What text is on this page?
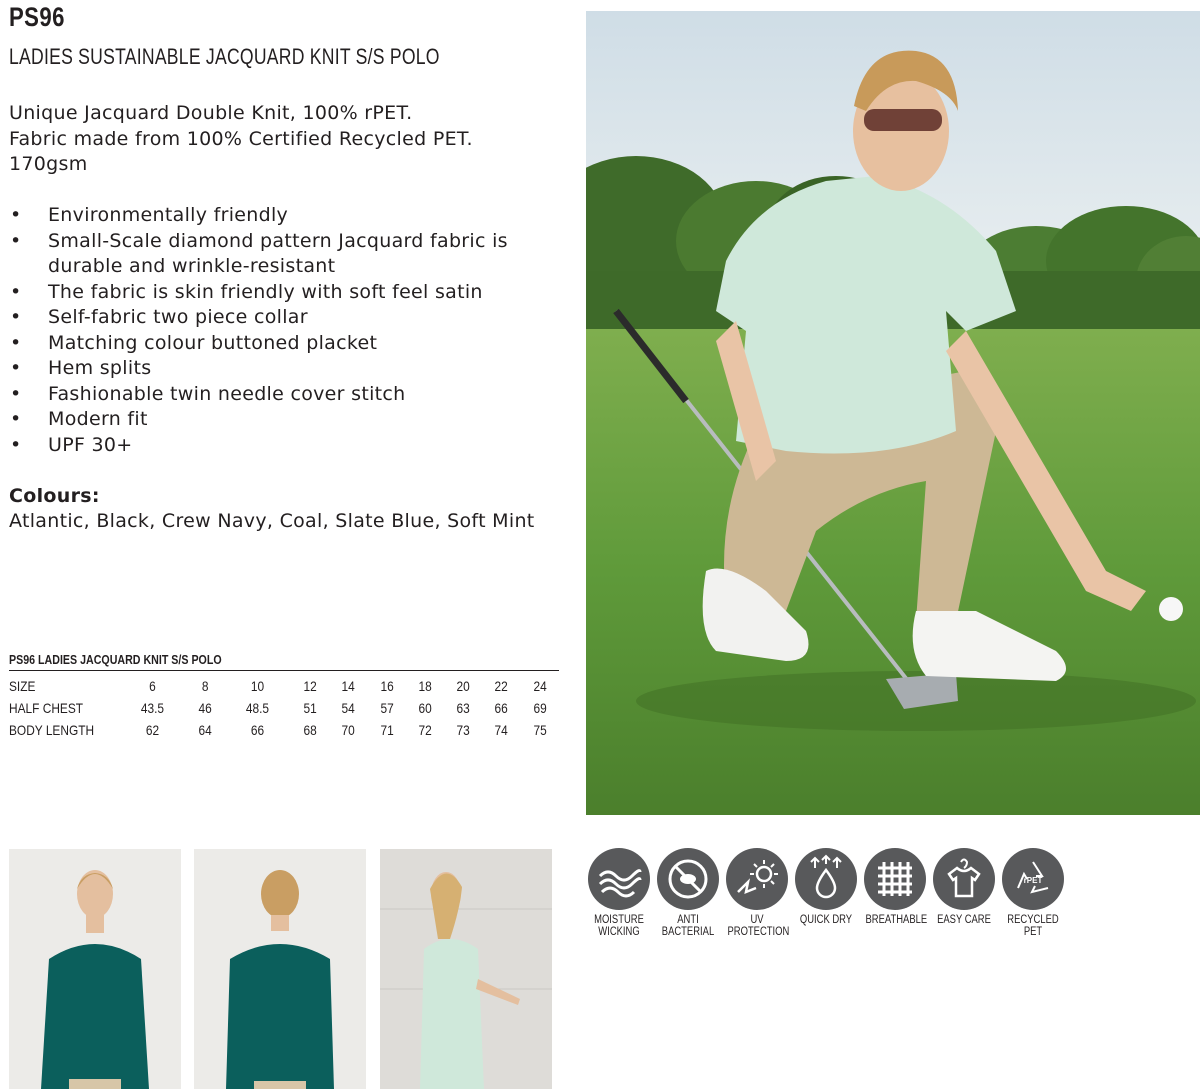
PS96
LADIES SUSTAINABLE JACQUARD KNIT S/S POLO
Unique Jacquard Double Knit, 100% rPET.
Fabric made from 100% Certified Recycled PET.
170gsm
• Environmentally friendly
• Small-Scale diamond pattern Jacquard fabric is durable and wrinkle-resistant
• The fabric is skin friendly with soft feel satin
• Self-fabric two piece collar
• Matching colour buttoned placket
• Hem splits
• Fashionable twin needle cover stitch
• Modern fit
• UPF 30+
Colours:
Atlantic, Black, Crew Navy, Coal, Slate Blue, Soft Mint
PS96 LADIES JACQUARD KNIT S/S POLO
SIZE	6	8	10	12	14	16	18	20	22	24
HALF CHEST	43.5	46	48.5	51	54	57	60	63	66	69
BODY LENGTH	62	64	66	68	70	71	72	73	74	75
MOISTURE
WICKING
ANTI BACTERIAL
UV PROTECTION
QUICK DRY BREATHABLE EASY CARE
rPET
RECYCLED
PET
